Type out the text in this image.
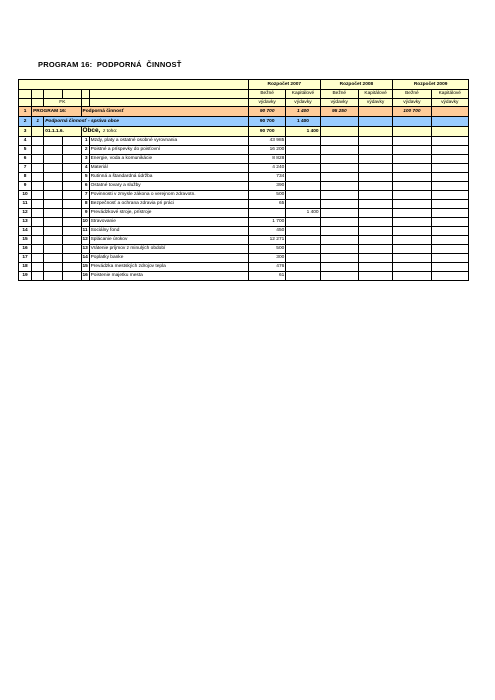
PROGRAM 16:  PODPORNÁ  ČINNOSŤ
						Rozpočet 2007		Rozpočet 2008		Rozpočet 2009	
						Bežné	Kapitálové	Bežné	Kapitálové	Bežné	Kapitálové
		FK				výdavky	výdavky	výdavky	výdavky	výdavky	výdavky
1	PROGRAM 16:			Podporná činnosť		90 700	1 400	95 250		100 700	
2	1	Podporná činnosť - správa obce				90 700	1 400				
3		01.1.1.6.		Obce, z toho:		90 700	1 400				
4				1	Mzdy, platy a ostatné osobné vyrovnania	43 985					
5				2	Poistné a príspevky do poisťovní	16 200					
6				3	Energie, voda a komunikácie	8 828					
7				4	Materiál	4 240					
8				5	Rutinná a štandardná údržba	734					
9				6	Ostatné tovary a služby	390					
10				7	Povinnosti v zmysle zákona o verejnom zdravotn.	500					
11				8	Bezpečnosť a ochrana zdravia pri práci	65					
12				9	Prevádzkové stroje, prístroje		1 400				
13				10	Stravovanie	1 700					
14				11	Sociálny fond	450					
15				12	Splácanie úrokov	12 271					
16				13	Vrátenie príjmov z minulých období	500					
17				14	Poplatky banke	300					
18				15	Prevádzka mestských zdrojov tepla	476					
19				16	Poistenie majetku mesta	61					
